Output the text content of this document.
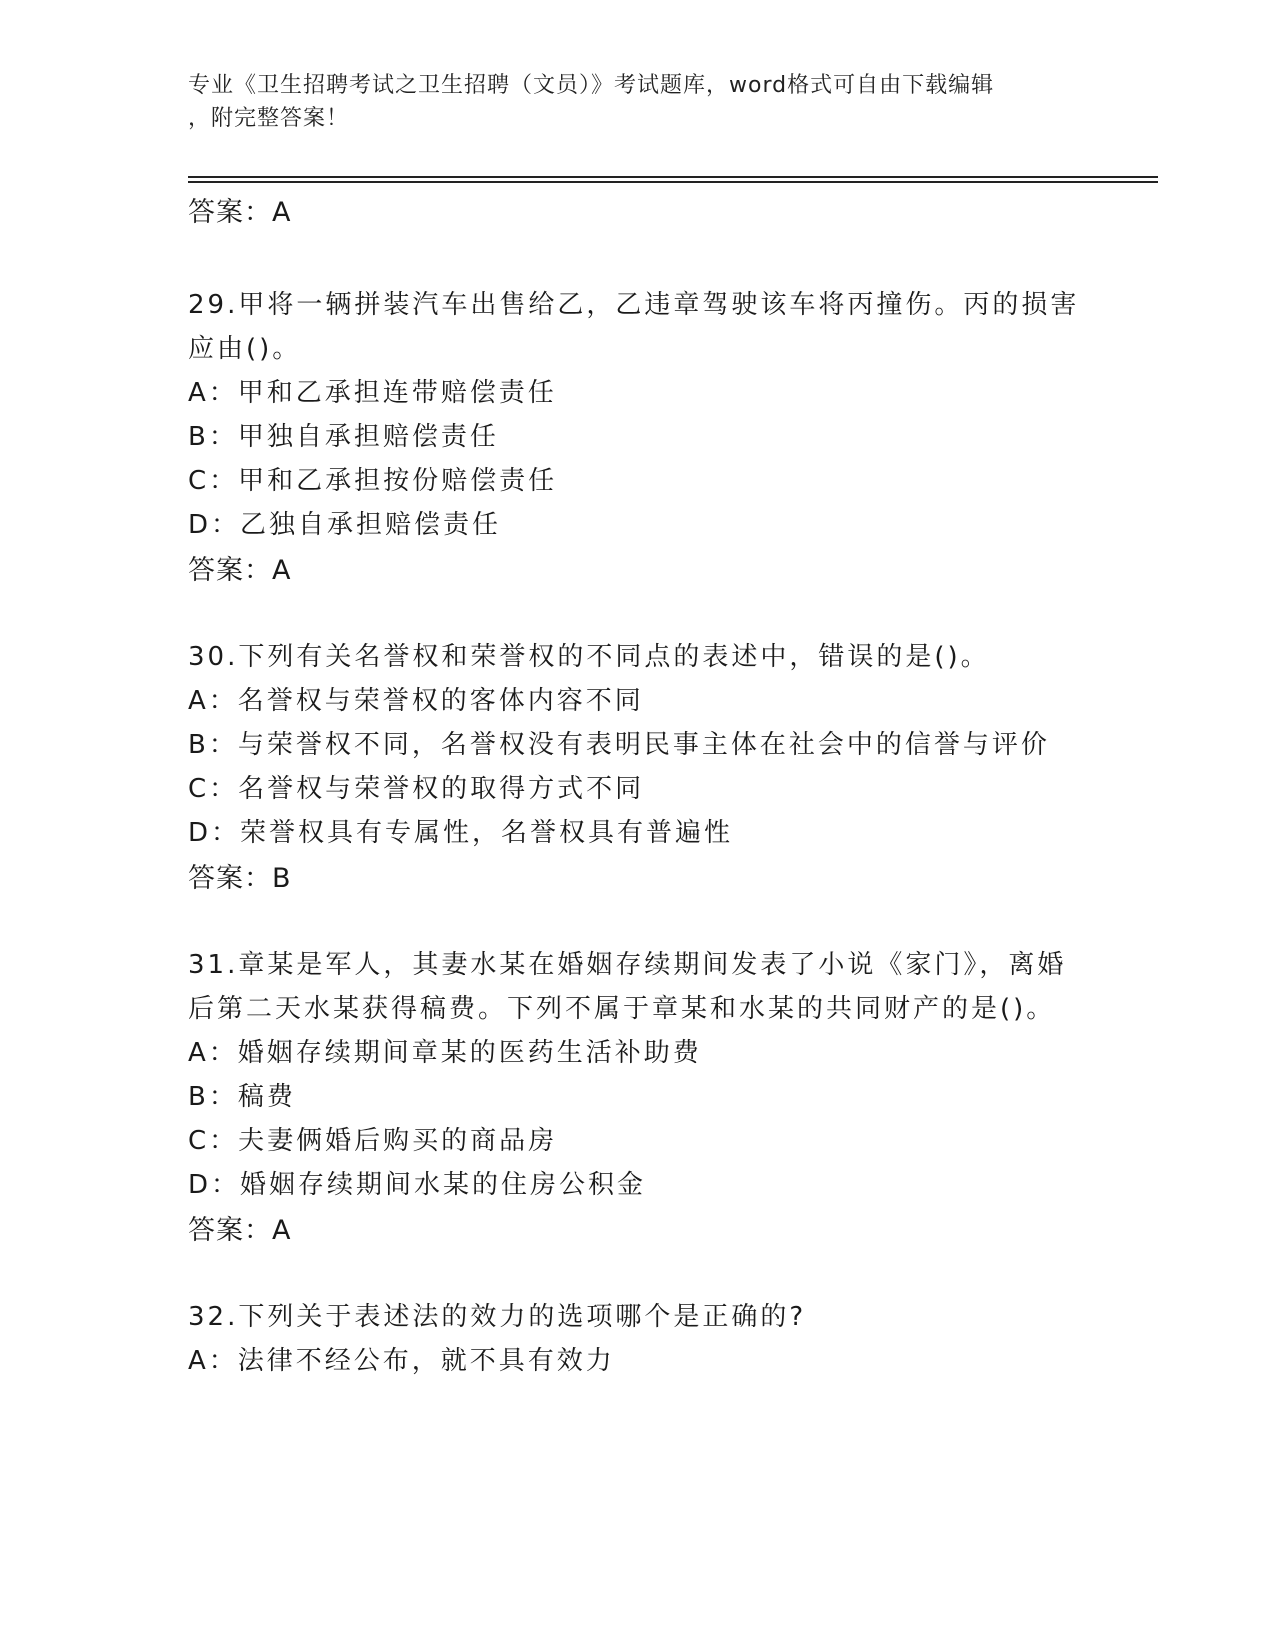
专业《卫生招聘考试之卫生招聘（文员）》考试题库，word格式可自由下载编辑
，附完整答案！
答案：A
29.甲将一辆拼装汽车出售给乙，乙违章驾驶该车将丙撞伤。丙的损害
应由()。
A：甲和乙承担连带赔偿责任
B：甲独自承担赔偿责任
C：甲和乙承担按份赔偿责任
D：乙独自承担赔偿责任
答案：A
30.下列有关名誉权和荣誉权的不同点的表述中，错误的是()。
A：名誉权与荣誉权的客体内容不同
B：与荣誉权不同，名誉权没有表明民事主体在社会中的信誉与评价
C：名誉权与荣誉权的取得方式不同
D：荣誉权具有专属性，名誉权具有普遍性
答案：B
31.章某是军人，其妻水某在婚姻存续期间发表了小说《家门》，离婚
后第二天水某获得稿费。下列不属于章某和水某的共同财产的是()。
A：婚姻存续期间章某的医药生活补助费
B：稿费
C：夫妻俩婚后购买的商品房
D：婚姻存续期间水某的住房公积金
答案：A
32.下列关于表述法的效力的选项哪个是正确的?
A：法律不经公布，就不具有效力
